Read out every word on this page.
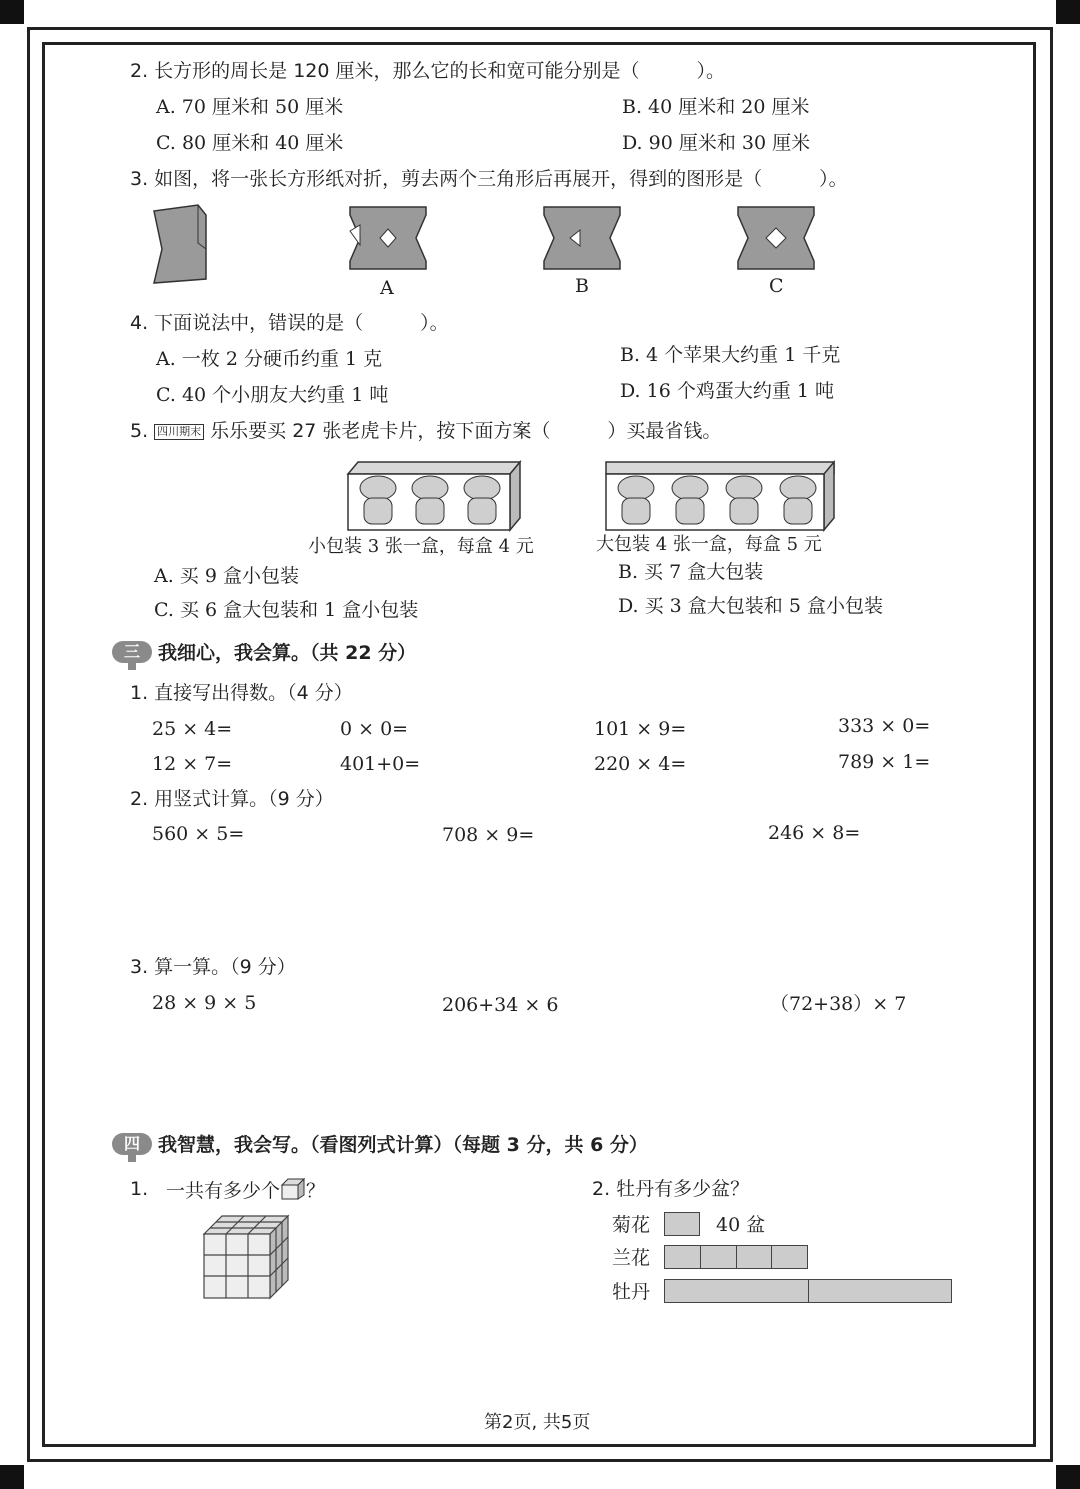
2. 长方形的周长是 120 厘米，那么它的长和宽可能分别是（　　　）。
A. 70 厘米和 50 厘米	B. 40 厘米和 20 厘米
C. 80 厘米和 40 厘米	D. 90 厘米和 30 厘米
3. 如图，将一张长方形纸对折，剪去两个三角形后再展开，得到的图形是（　　　）。
A	B	C
4. 下面说法中，错误的是（　　　）。
A. 一枚 2 分硬币约重 1 克	B. 4 个苹果大约重 1 千克
C. 40 个小朋友大约重 1 吨	D. 16 个鸡蛋大约重 1 吨
5. 四川期末 乐乐要买 27 张老虎卡片，按下面方案（　　　）买最省钱。
小包装 3 张一盒，每盒 4 元	大包装 4 张一盒，每盒 5 元
A. 买 9 盒小包装	B. 买 7 盒大包装
C. 买 6 盒大包装和 1 盒小包装	D. 买 3 盒大包装和 5 盒小包装
三 我细心，我会算。（共 22 分）
1. 直接写出得数。（4 分）
25 × 4=	0 × 0=	101 × 9=	333 × 0=
12 × 7=	401+0=	220 × 4=	789 × 1=
2. 用竖式计算。（9 分）
560 × 5=	708 × 9=	246 × 8=
3. 算一算。（9 分）
28 × 9 × 5	206+34 × 6	（72+38）× 7
四 我智慧，我会写。（看图列式计算）（每题 3 分，共 6 分）
1. 一共有多少个 ？	2. 牡丹有多少盆？
菊花	40 盆
兰花
牡丹
第2页, 共5页
